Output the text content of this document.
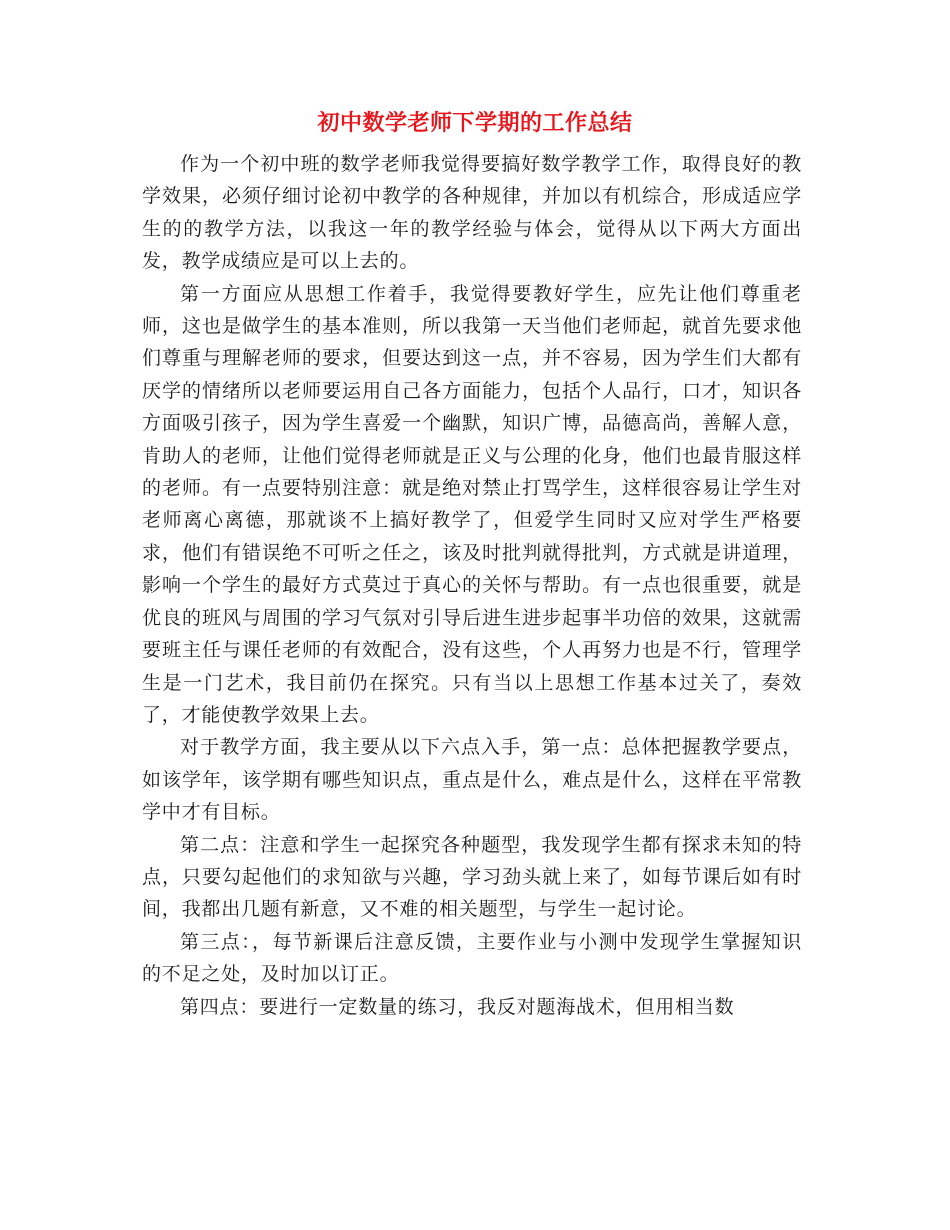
初中数学老师下学期的工作总结

作为一个初中班的数学老师我觉得要搞好数学教学工作，取得良好的教学效果，必须仔细讨论初中教学的各种规律，并加以有机综合，形成适应学生的的教学方法，以我这一年的教学经验与体会，觉得从以下两大方面出发，教学成绩应是可以上去的。

第一方面应从思想工作着手，我觉得要教好学生，应先让他们尊重老师，这也是做学生的基本准则，所以我第一天当他们老师起，就首先要求他们尊重与理解老师的要求，但要达到这一点，并不容易，因为学生们大都有厌学的情绪所以老师要运用自己各方面能力，包括个人品行，口才，知识各方面吸引孩子，因为学生喜爱一个幽默，知识广博，品德高尚，善解人意，肯助人的老师，让他们觉得老师就是正义与公理的化身，他们也最肯服这样的老师。有一点要特别注意：就是绝对禁止打骂学生，这样很容易让学生对老师离心离德，那就谈不上搞好教学了，但爱学生同时又应对学生严格要求，他们有错误绝不可听之任之，该及时批判就得批判，方式就是讲道理，影响一个学生的最好方式莫过于真心的关怀与帮助。有一点也很重要，就是优良的班风与周围的学习气氛对引导后进生进步起事半功倍的效果，这就需要班主任与课任老师的有效配合，没有这些，个人再努力也是不行，管理学生是一门艺术，我目前仍在探究。只有当以上思想工作基本过关了，奏效了，才能使教学效果上去。

对于教学方面，我主要从以下六点入手，第一点：总体把握教学要点，如该学年，该学期有哪些知识点，重点是什么，难点是什么，这样在平常教学中才有目标。

第二点：注意和学生一起探究各种题型，我发现学生都有探求未知的特点，只要勾起他们的求知欲与兴趣，学习劲头就上来了，如每节课后如有时间，我都出几题有新意，又不难的相关题型，与学生一起讨论。

第三点：，每节新课后注意反馈，主要作业与小测中发现学生掌握知识的不足之处，及时加以订正。

第四点：要进行一定数量的练习，我反对题海战术，但用相当数
